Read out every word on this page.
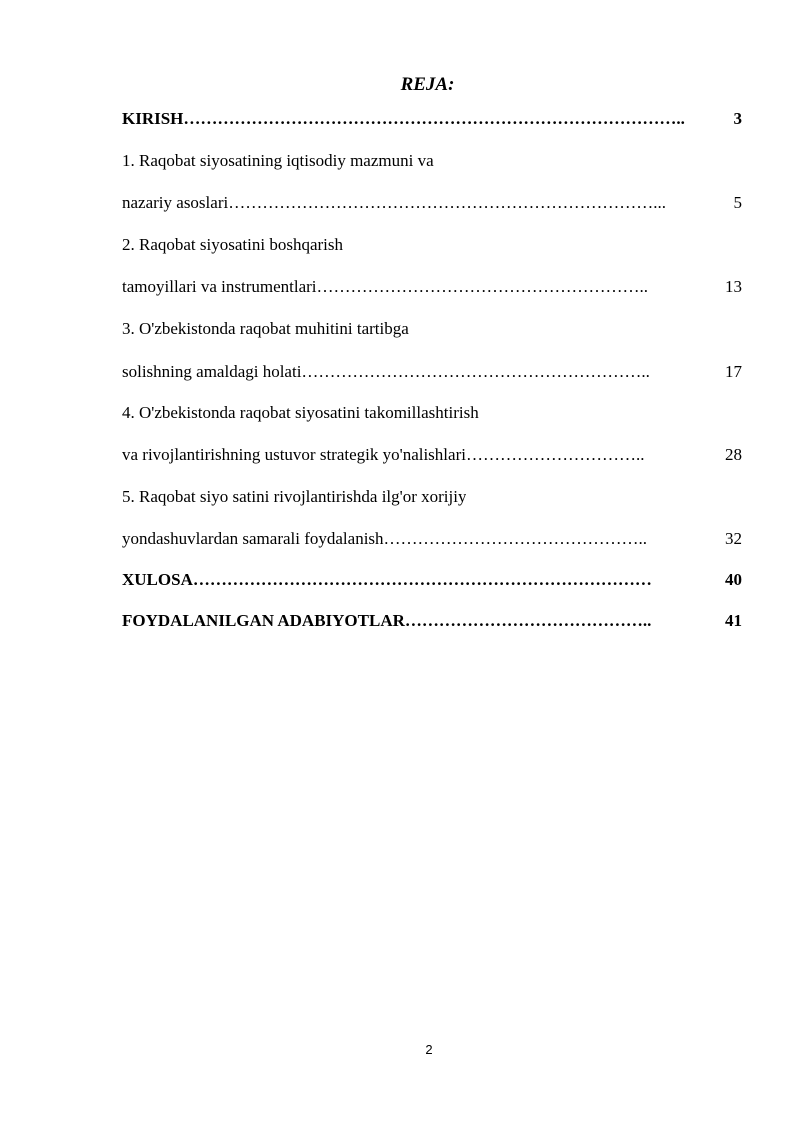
REJA:
KIRISH……………………………………………………………………………..	3
1. Raqobat siyosatining iqtisodiy mazmuni va
nazariy asoslari…………………………………………………………………...	5
2. Raqobat siyosatini boshqarish
tamoyillari va instrumentlari…………………………………………………..	13
3. O'zbekistonda raqobat muhitini tartibga
solishning amaldagi holati……………………………………………………..	17
4. O'zbekistonda raqobat siyosatini takomillashtirish
va rivojlantirishning ustuvor strategik yo'nalishlari…………………………..	28
5. Raqobat siyo satini rivojlantirishda ilg'or xorijiy
yondashuvlardan samarali foydalanish………………………………………..	32
XULOSA………………………………………………………………………	40
FOYDALANILGAN ADABIYOTLAR……………………………………..	41
2
